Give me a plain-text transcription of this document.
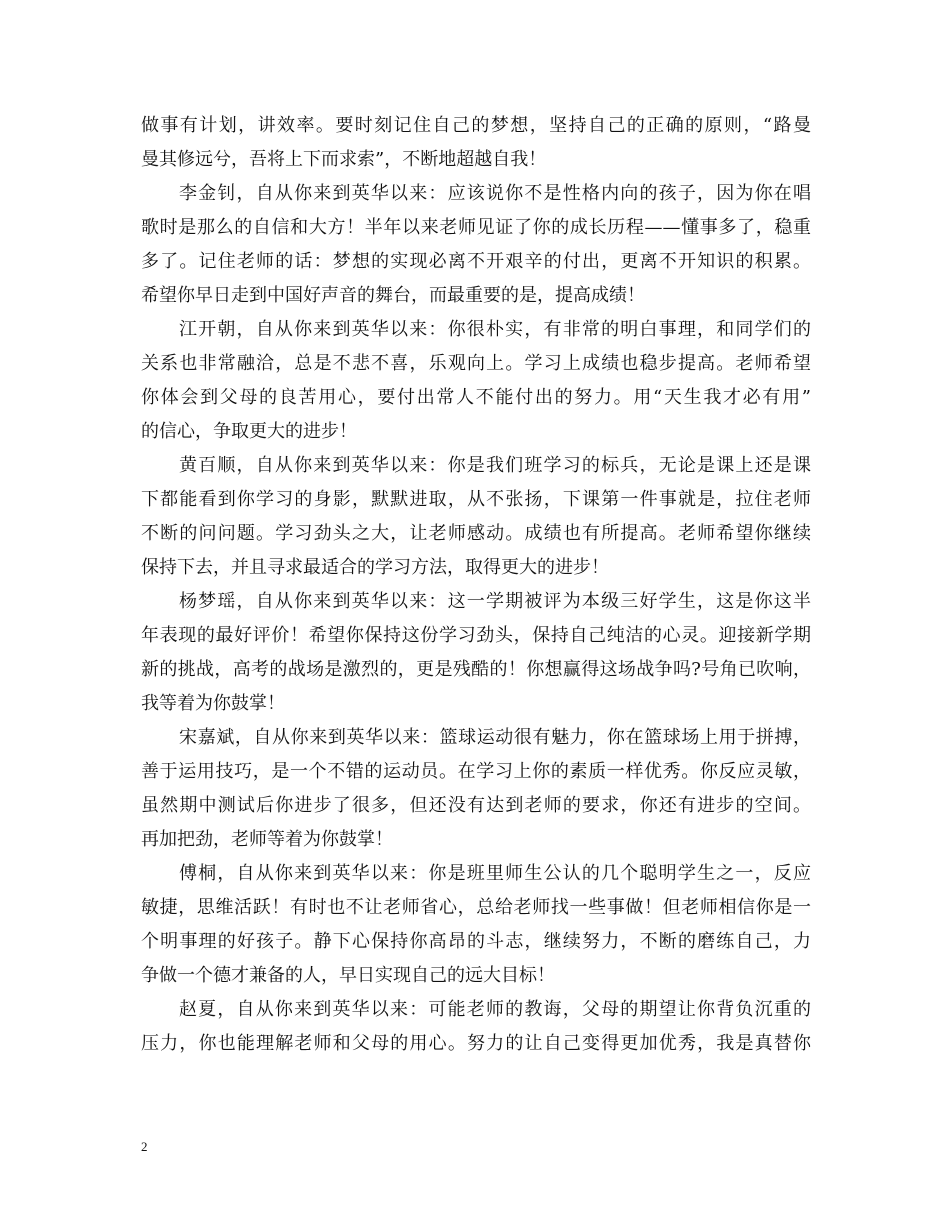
做事有计划，讲效率。要时刻记住自己的梦想，坚持自己的正确的原则，“路曼
曼其修远兮，吾将上下而求索”，不断地超越自我！
李金钊，自从你来到英华以来：应该说你不是性格内向的孩子，因为你在唱
歌时是那么的自信和大方！半年以来老师见证了你的成长历程——懂事多了，稳重
多了。记住老师的话：梦想的实现必离不开艰辛的付出，更离不开知识的积累。
希望你早日走到中国好声音的舞台，而最重要的是，提高成绩！
江开朝，自从你来到英华以来：你很朴实，有非常的明白事理，和同学们的
关系也非常融洽，总是不悲不喜，乐观向上。学习上成绩也稳步提高。老师希望
你体会到父母的良苦用心，要付出常人不能付出的努力。用“天生我才必有用”
的信心，争取更大的进步！
黄百顺，自从你来到英华以来：你是我们班学习的标兵，无论是课上还是课
下都能看到你学习的身影，默默进取，从不张扬，下课第一件事就是，拉住老师
不断的问问题。学习劲头之大，让老师感动。成绩也有所提高。老师希望你继续
保持下去，并且寻求最适合的学习方法，取得更大的进步！
杨梦瑶，自从你来到英华以来：这一学期被评为本级三好学生，这是你这半
年表现的最好评价！希望你保持这份学习劲头，保持自己纯洁的心灵。迎接新学期
新的挑战，高考的战场是激烈的，更是残酷的！你想赢得这场战争吗?号角已吹响，
我等着为你鼓掌！
宋嘉斌，自从你来到英华以来：篮球运动很有魅力，你在篮球场上用于拼搏，
善于运用技巧，是一个不错的运动员。在学习上你的素质一样优秀。你反应灵敏，
虽然期中测试后你进步了很多，但还没有达到老师的要求，你还有进步的空间。
再加把劲，老师等着为你鼓掌！
傅桐，自从你来到英华以来：你是班里师生公认的几个聪明学生之一，反应
敏捷，思维活跃！有时也不让老师省心，总给老师找一些事做！但老师相信你是一
个明事理的好孩子。静下心保持你高昂的斗志，继续努力，不断的磨练自己，力
争做一个德才兼备的人，早日实现自己的远大目标！
赵夏，自从你来到英华以来：可能老师的教诲，父母的期望让你背负沉重的
压力，你也能理解老师和父母的用心。努力的让自己变得更加优秀，我是真替你
2
